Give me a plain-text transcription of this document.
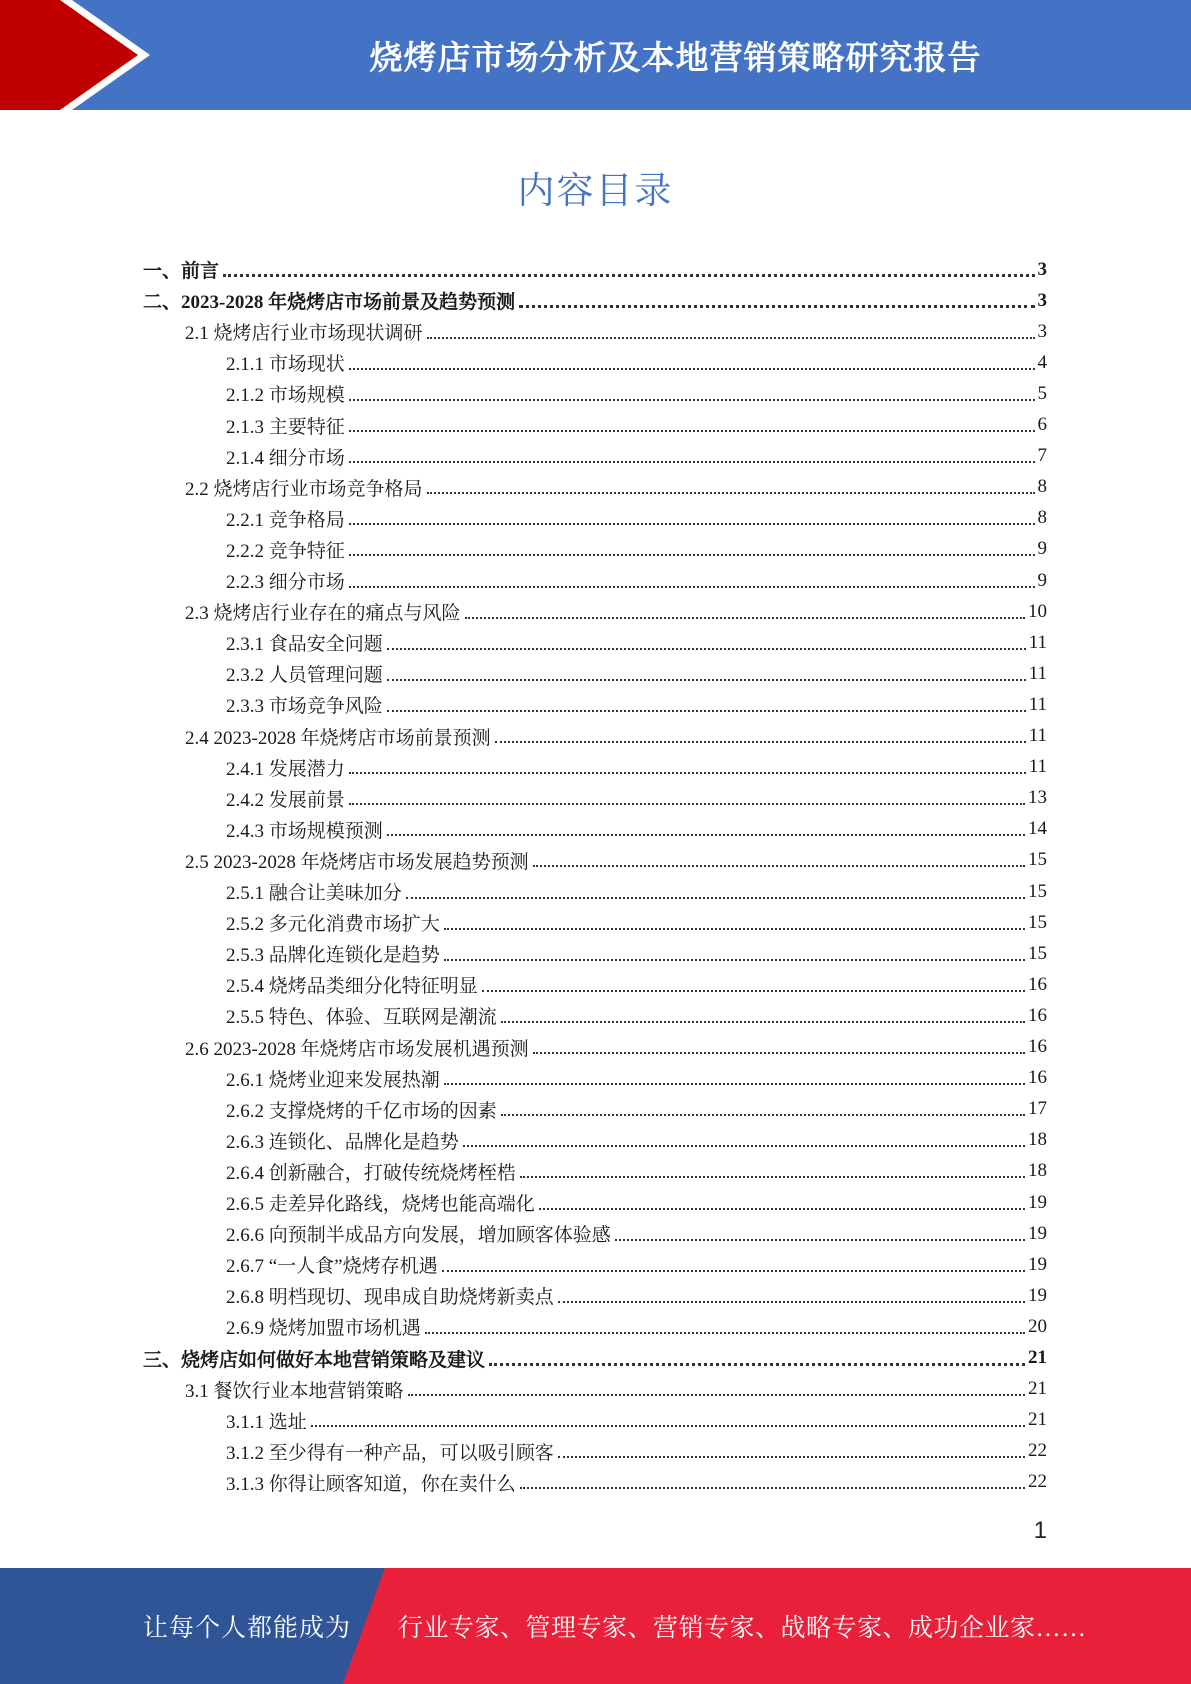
烧烤店市场分析及本地营销策略研究报告
内容目录
一、前言	3
二、2023-2028 年烧烤店市场前景及趋势预测	3
2.1 烧烤店行业市场现状调研	3
2.1.1 市场现状	4
2.1.2 市场规模	5
2.1.3 主要特征	6
2.1.4 细分市场	7
2.2 烧烤店行业市场竞争格局	8
2.2.1 竞争格局	8
2.2.2 竞争特征	9
2.2.3 细分市场	9
2.3 烧烤店行业存在的痛点与风险	10
2.3.1 食品安全问题	11
2.3.2 人员管理问题	11
2.3.3 市场竞争风险	11
2.4 2023-2028 年烧烤店市场前景预测	11
2.4.1 发展潜力	11
2.4.2 发展前景	13
2.4.3 市场规模预测	14
2.5 2023-2028 年烧烤店市场发展趋势预测	15
2.5.1 融合让美味加分	15
2.5.2 多元化消费市场扩大	15
2.5.3 品牌化连锁化是趋势	15
2.5.4 烧烤品类细分化特征明显	16
2.5.5 特色、体验、互联网是潮流	16
2.6 2023-2028 年烧烤店市场发展机遇预测	16
2.6.1 烧烤业迎来发展热潮	16
2.6.2 支撑烧烤的千亿市场的因素	17
2.6.3 连锁化、品牌化是趋势	18
2.6.4 创新融合，打破传统烧烤桎梏	18
2.6.5 走差异化路线，烧烤也能高端化	19
2.6.6 向预制半成品方向发展，增加顾客体验感	19
2.6.7 “一人食”烧烤存机遇	19
2.6.8 明档现切、现串成自助烧烤新卖点	19
2.6.9 烧烤加盟市场机遇	20
三、烧烤店如何做好本地营销策略及建议	21
3.1 餐饮行业本地营销策略	21
3.1.1 选址	21
3.1.2 至少得有一种产品，可以吸引顾客	22
3.1.3 你得让顾客知道，你在卖什么	22
1
让每个人都能成为 行业专家、管理专家、营销专家、战略专家、成功企业家……
